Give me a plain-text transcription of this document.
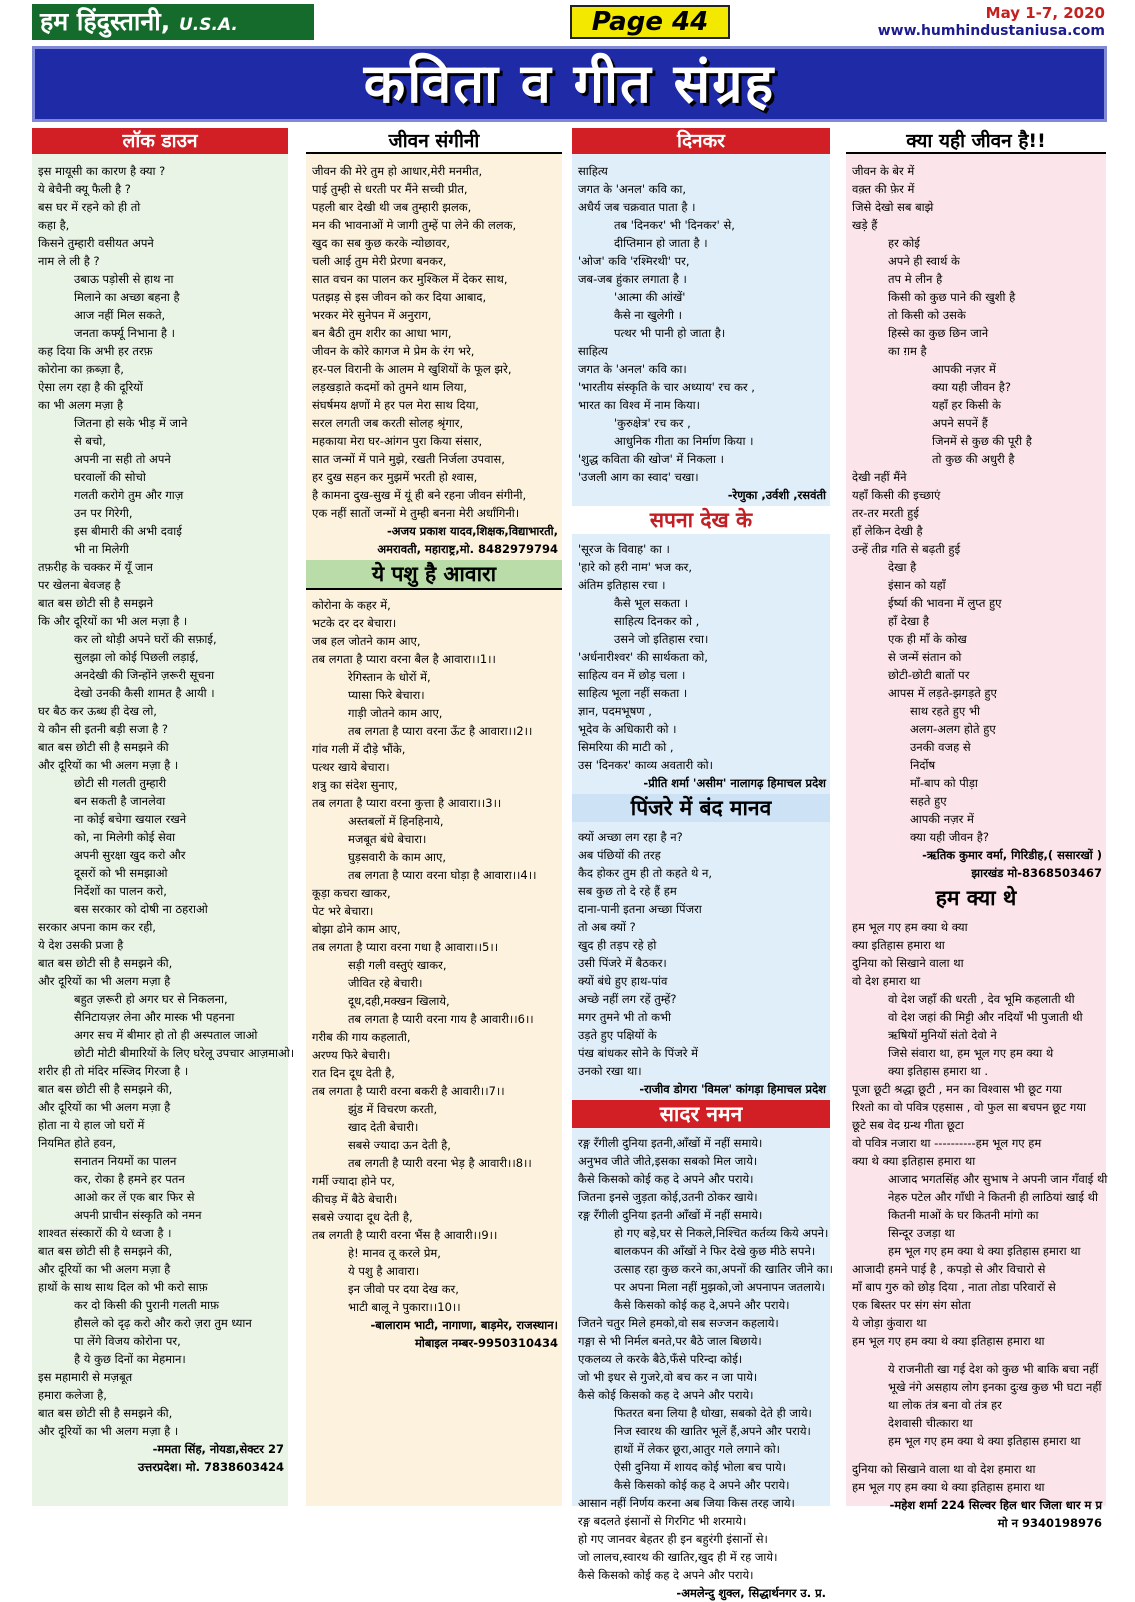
हम हिंदुस्तानी, U.S.A.	Page 44	May 1-7, 2020
www.humhindustaniusa.com
कविता व गीत संग्रह
लॉक डाउन
इस मायूसी का कारण है क्या ?
ये बेचैनी क्यू फैली है ?
बस घर में रहने को ही तो
कहा है,
किसने तुम्हारी वसीयत अपने
नाम ले ली है ?
उबाऊ पड़ोसी से हाथ ना
मिलाने का अच्छा बहना है
आज नहीं मिल सकते,
जनता कर्फ्यू निभाना है ।
कह दिया कि अभी हर तरफ़
कोरोना का क़ब्ज़ा है,
ऐसा लग रहा है की दूरियों
का भी अलग मज़ा है
जितना हो सके भीड़ में जाने
से बचो,
अपनी ना सही तो अपने
घरवालों की सोचो
गलती करोगे तुम और गाज़
उन पर गिरेगी,
इस बीमारी की अभी दवाई
भी ना मिलेगी
तफ़रीह के चक्कर में यूँ जान
पर खेलना बेवजह है
बात बस छोटी सी है समझने
कि और दूरियों का भी अल मज़ा है ।
कर लो थोड़ी अपने घरों की सफ़ाई,
सुलझा लो कोई पिछली लड़ाई,
अनदेखी की जिन्होंने ज़रूरी सूचना
देखो उनकी कैसी शामत है आयी ।
घर बैठ कर ऊब्ध ही देख लो,
ये कौन सी इतनी बड़ी सजा है ?
बात बस छोटी सी है समझने की
और दूरियों का भी अलग मज़ा है ।
छोटी सी गलती तुम्हारी
बन सकती है जानलेवा
ना कोई बचेगा खयाल रखने
को, ना मिलेगी कोई सेवा
अपनी सुरक्षा खुद करो और
दूसरों को भी समझाओ
निर्देशों का पालन करो,
बस सरकार को दोषी ना ठहराओ
सरकार अपना काम कर रही,
ये देश उसकी प्रजा है
बात बस छोटी सी है समझने की,
और दूरियों का भी अलग मज़ा है
बहुत ज़रूरी हो अगर घर से निकलना,
सैनिटायज़र लेना और मास्क भी पहनना
अगर सच में बीमार हो तो ही अस्पताल जाओ
छोटी मोटी बीमारियों के लिए घरेलू उपचार आज़माओ।
शरीर ही तो मंदिर मस्जिद गिरजा है ।
बात बस छोटी सी है समझने की,
और दूरियों का भी अलग मज़ा है
होता ना ये हाल जो घरों में
नियमित होते हवन,
सनातन नियमों का पालन
कर, रोका है हमने हर पतन
आओ कर लें एक बार फिर से
अपनी प्राचीन संस्कृति को नमन
शाश्वत संस्कारों की ये ध्वजा है ।
बात बस छोटी सी है समझने की,
और दूरियों का भी अलग मज़ा है
हाथों के साथ साथ दिल को भी करो साफ़
कर दो किसी की पुरानी गलती माफ़
हौसले को दृढ़ करो और करो ज़रा तुम ध्यान
पा लेंगे विजय कोरोना पर,
है ये कुछ दिनों का मेहमान।
इस महामारी से मज़बूत
हमारा कलेजा है,
बात बस छोटी सी है समझने की,
और दूरियों का भी अलग मज़ा है ।
-ममता सिंह, नोयडा,सेक्टर 27
उत्तरप्रदेश। मो. 7838603424
जीवन संगीनी
जीवन की मेरे तुम हो आधार,मेरी मनमीत,
पाई तुम्ही से धरती पर मैंने सच्ची प्रीत,
पहली बार देखी थी जब तुम्हारी झलक,
मन की भावनाओं मे जागी तुम्हें पा लेने की ललक,
खुद का सब कुछ करके न्योछावर,
चली आई तुम मेरी प्रेरणा बनकर,
सात वचन का पालन कर मुश्किल में देकर साथ,
पतझड़ से इस जीवन को कर दिया आबाद,
भरकर मेरे सुनेपन में अनुराग,
बन बैठी तुम शरीर का आधा भाग,
जीवन के कोरे कागज मे प्रेम के रंग भरे,
हर-पल विरानी के आलम मे खुशियों के फूल झरे,
लड़खड़ाते कदमों को तुमने थाम लिया,
संघर्षमय क्षणों मे हर पल मेरा साथ दिया,
सरल लगती जब करती सोलह श्रृंगार,
महकाया मेरा घर-आंगन पुरा किया संसार,
सात जन्मों में पाने मुझे, रखती निर्जला उपवास,
हर दुख सहन कर मुझमें भरती हो श्वास,
है कामना दुख-सुख में यूं ही बने रहना जीवन संगीनी,
एक नहीं सातों जन्मों मे तुम्ही बनना मेरी अर्धांगिनी।
-अजय प्रकाश यादव,शिक्षक,विद्याभारती,
अमरावती, महाराष्ट्र,मो. 8482979794
ये पशु है आवारा
कोरोना के कहर में,
भटके दर दर बेचारा।
जब हल जोतने काम आए,
तब लगता है प्यारा वरना बैल है आवारा।।1।।
रेगिस्तान के धोरों में,
प्यासा फिरे बेचारा।
गाड़ी जोतने काम आए,
तब लगता है प्यारा वरना ऊँट है आवारा।।2।।
गांव गली में दौड़े भौंके,
पत्थर खाये बेचारा।
शत्रु का संदेश सुनाए,
तब लगता है प्यारा वरना कुत्ता है आवारा।।3।।
अस्तबलों में हिनहिनाये,
मजबूत बंधे बेचारा।
घुड़सवारी के काम आए,
तब लगता है प्यारा वरना घोड़ा है आवारा।।4।।
कूड़ा कचरा खाकर,
पेट भरे बेचारा।
बोझा ढोने काम आए,
तब लगता है प्यारा वरना गधा है आवारा।।5।।
सड़ी गली वस्तुएं खाकर,
जीवित रहे बेचारी।
दूध,दही,मक्खन खिलाये,
तब लगता है प्यारी वरना गाय है आवारी।।6।।
गरीब की गाय कहलाती,
अरण्य फिरे बेचारी।
रात दिन दूध देती है,
तब लगता है प्यारी वरना बकरी है आवारी।।7।।
झुंड में विचरण करती,
खाद देती बेचारी।
सबसे ज्यादा ऊन देती है,
तब लगती है प्यारी वरना भेड़ है आवारी।।8।।
गर्मी ज्यादा होने पर,
कीचड़ में बैठे बेचारी।
सबसे ज्यादा दूध देती है,
तब लगती है प्यारी वरना भैंस है आवारी।।9।।
हे! मानव तू करले प्रेम,
ये पशु है आवारा।
इन जीवो पर दया देख कर,
भाटी बालू ने पुकारा।।10।।
-बालाराम भाटी, नागाणा, बाड़मेर, राजस्थान।
मोबाइल नम्बर-9950310434
दिनकर
साहित्य
जगत के 'अनल' कवि का,
अधैर्य जब चक्रवात पाता है ।
तब 'दिनकर' भी 'दिनकर' से,
दीप्तिमान हो जाता है ।
'ओज' कवि 'रश्मिरथी' पर,
जब-जब हुंकार लगाता है ।
'आत्मा की आंखें'
कैसे ना खुलेगी ।
पत्थर भी पानी हो जाता है।
साहित्य
जगत के 'अनल' कवि का।
'भारतीय संस्कृति के चार अध्याय' रच कर ,
भारत का विश्व में नाम किया।
'कुरुक्षेत्र' रच कर ,
आधुनिक गीता का निर्माण किया ।
'शुद्ध कविता की खोज' में निकला ।
'उजली आग का स्वाद' चखा।
-रेणुका ,उर्वशी ,रसवंती
सपना देख के
'सूरज के विवाह' का ।
'हारे को हरी नाम' भज कर,
अंतिम इतिहास रचा ।
कैसे भूल सकता ।
साहित्य दिनकर को ,
उसने जो इतिहास रचा।
'अर्धनारीश्वर' की सार्थकता को,
साहित्य वन में छोड़ चला ।
साहित्य भूला नहीं सकता ।
ज्ञान, पदमभूषण ,
भूदेव के अधिकारी को ।
सिमरिया की माटी को ,
उस 'दिनकर' काव्य अवतारी को।
-प्रीति शर्मा 'असीम' नालागढ़ हिमाचल प्रदेश
पिंजरे में बंद मानव
क्यों अच्छा लग रहा है न?
अब पंछियों की तरह
कैद होकर तुम ही तो कहते थे न,
सब कुछ तो दे रहे हैं हम
दाना-पानी इतना अच्छा पिंजरा
तो अब क्यों ?
खुद ही तड़प रहे हो
उसी पिंजरे में बैठकर।
क्यों बंधे हुए हाथ-पांव
अच्छे नहीं लग रहें तुम्हें?
मगर तुमने भी तो कभी
उड़ते हुए पक्षियों के
पंख बांधकर सोने के पिंजरे में
उनको रखा था।
-राजीव डोगरा 'विमल' कांगड़ा हिमाचल प्रदेश
सादर नमन
रङ्ग रँगीली दुनिया इतनी,आँखों में नहीं समाये।
अनुभव जीते जीते,इसका सबको मिल जाये।
कैसे किसको कोई कह दे अपने और पराये।
जितना इनसे जुड़ता कोई,उतनी ठोकर खाये।
रङ्ग रँगीली दुनिया इतनी आँखों में नहीं समाये।
हो गए बड़े,घर से निकले,निश्चित कर्तव्य किये अपने।
बालकपन की आँखों ने फिर देखे कुछ मीठे सपने।
उत्साह रहा कुछ करने का,अपनों की खातिर जीने का।
पर अपना मिला नहीं मुझको,जो अपनापन जतलाये।
कैसे किसको कोई कह दे,अपने और पराये।
जितने चतुर मिले हमको,वो सब सज्जन कहलाये।
गङ्गा से भी निर्मल बनते,पर बैठे जाल बिछाये।
एकलव्य ले करके बैठे,फँसे परिन्दा कोई।
जो भी इधर से गुजरे,वो बच कर न जा पाये।
कैसे कोई किसको कह दे अपने और पराये।
फितरत बना लिया है धोखा, सबको देते ही जाये।
निज स्वारथ की खातिर भूलें हैं,अपने और पराये।
हाथों में लेकर छूरा,आतुर गले लगाने को।
ऐसी दुनिया में शायद कोई भोला बच पाये।
कैसे किसको कोई कह दे अपने और पराये।
आसान नहीं निर्णय करना अब जिया किस तरह जाये।
रङ्ग बदलते इंसानों से गिरगिट भी शरमाये।
हो गए जानवर बेहतर ही इन बहुरंगी इंसानों से।
जो लालच,स्वारथ की खातिर,खुद ही में रह जाये।
कैसे किसको कोई कह दे अपने और पराये।
-अमलेन्दु शुक्ल, सिद्धार्थनगर उ. प्र.
क्या यही जीवन है!!
जीवन के बेर में
वक़्त की फ़ेर में
जिसे देखो सब बाझे
खड़े हैं
हर कोई
अपने ही स्वार्थ के
तप मे लीन है
किसी को कुछ पाने की खुशी है
तो किसी को उसके
हिस्से का कुछ छिन जाने
का ग़म है
आपकी नज़र में
क्या यही जीवन है?
यहाँ हर किसी के
अपने सपनें हैं
जिनमें से कुछ की पूरी है
तो कुछ की अधुरी है
देखी नहीं मैंने
यहाँ किसी की इच्छाएं
तर-तर मरती हुई
हाँ लेकिन देखी है
उन्हें तीव्र गति से बढ़ती हुई
देखा है
इंसान को यहाँ
ईर्ष्या की भावना में लुप्त हुए
हाँ देखा है
एक ही माँ के कोख
से जन्में संतान को
छोटी-छोटी बातों पर
आपस में लड़ते-झगड़ते हुए
साथ रहते हुए भी
अलग-अलग होते हुए
उनकी वजह से
निर्दोष
माँ-बाप को पीड़ा
सहते हुए
आपकी नज़र में
क्या यही जीवन है?
-ऋतिक कुमार वर्मा, गिरिडीह,( ससारखों )
झारखंड मो-8368503467
हम क्या थे
हम भूल गए हम क्या थे क्या
क्या इतिहास हमारा था
दुनिया को सिखाने वाला था
वो देश हमारा था
वो देश जहाँ की धरती , देव भूमि कहलाती थी
वो देश जहां की मिट्टी और नदियाँ भी पुजाती थी
ऋषियों मुनियों संतो देवो ने
जिसे संवारा था, हम भूल गए हम क्या थे
क्या इतिहास हमारा था .
पूजा छूटी श्रद्धा छूटी , मन का विश्वास भी छूट गया
रिश्तो का वो पवित्र एहसास , वो फुल सा बचपन छूट गया
छूटे सब वेद ग्रन्थ गीता छूटा
वो पवित्र नजारा था ----------हम भूल गए हम
क्या थे क्या इतिहास हमारा था
आजाद भगतसिंह और सुभाष ने अपनी जान गँवाई थी
नेहरु पटेल और गाँधी ने कितनी ही लाठियां खाई थी
कितनी माओं के घर कितनी मांगो का
सिन्दूर उजड़ा था
हम भूल गए हम क्या थे क्या इतिहास हमारा था
आजादी हमने पाई है , कपड़ो से और विचारो से
माँ बाप गुरु को छोड़ दिया , नाता तोडा परिवारों से
एक बिस्तर पर संग संग सोता
ये जोड़ा कुंवारा था
हम भूल गए हम क्या थे क्या इतिहास हमारा था
ये राजनीती खा गई देश को कुछ भी बाकि बचा नहीं
भूखे नंगे असहाय लोग इनका दुःख कुछ भी घटा नहीं
था लोक तंत्र बना वो तंत्र हर
देशवासी चीत्कारा था
हम भूल गए हम क्या थे क्या इतिहास हमारा था
दुनिया को सिखाने वाला था वो देश हमारा था
हम भूल गए हम क्या थे क्या इतिहास हमारा था
-महेश शर्मा 224 सिल्वर हिल धार जिला धार म प्र
मो न 9340198976
